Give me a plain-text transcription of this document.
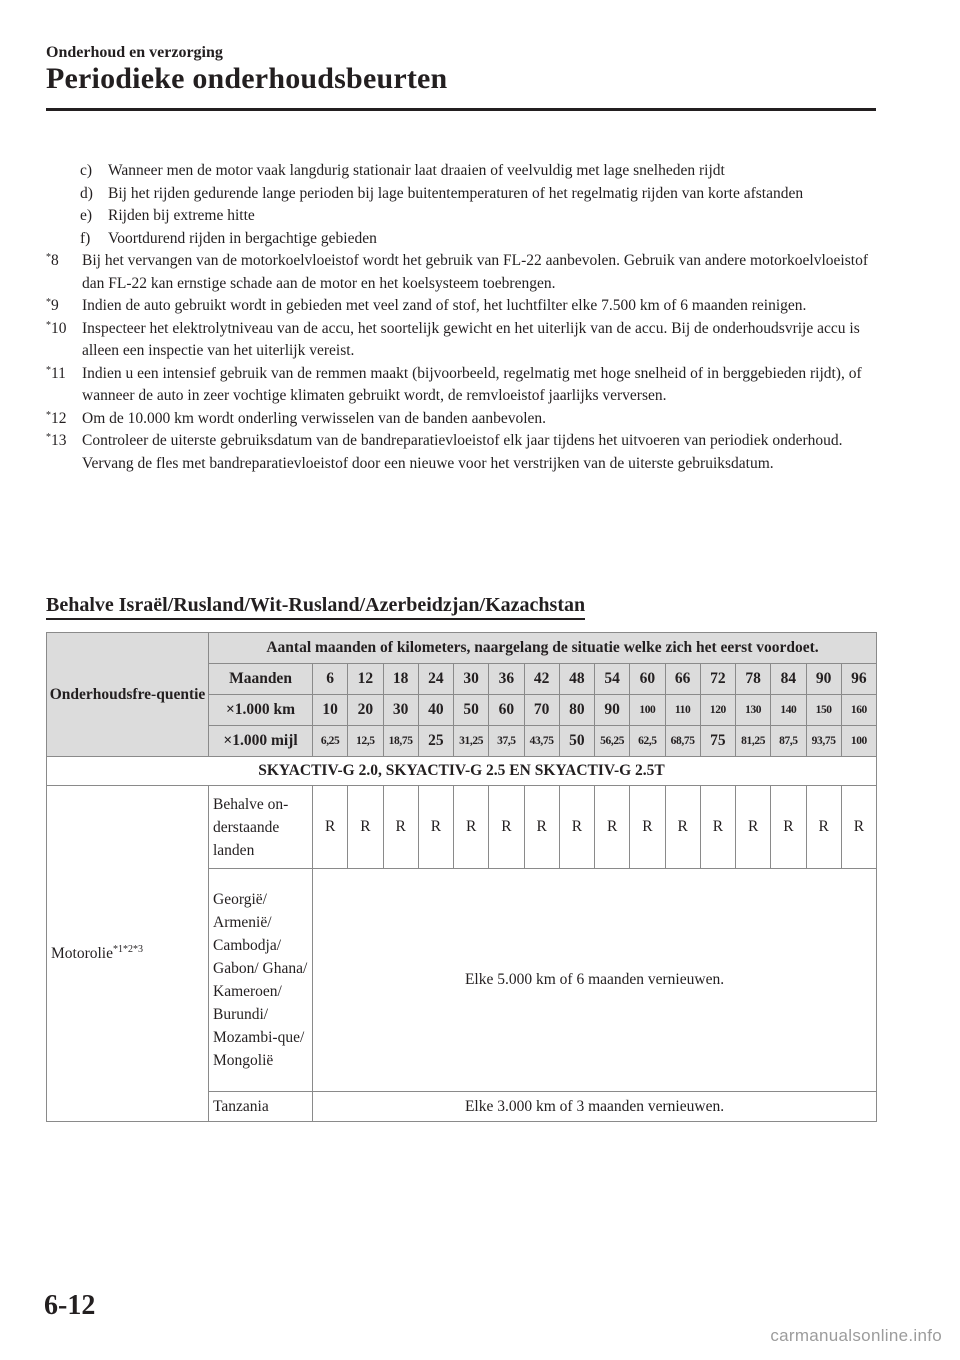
Onderhoud en verzorging
Periodieke onderhoudsbeurten

c) Wanneer men de motor vaak langdurig stationair laat draaien of veelvuldig met lage snelheden rijdt

d) Bij het rijden gedurende lange perioden bij lage buitentemperaturen of het regelmatig rijden van korte afstanden

e) Rijden bij extreme hitte

f) Voortdurend rijden in bergachtige gebieden

*8 Bij het vervangen van de motorkoelvloeistof wordt het gebruik van FL-22 aanbevolen. Gebruik van andere motorkoelvloeistof dan FL-22 kan ernstige schade aan de motor en het koelsysteem toebrengen.

*9 Indien de auto gebruikt wordt in gebieden met veel zand of stof, het luchtfilter elke 7.500 km of 6 maanden reinigen.

*10 Inspecteer het elektrolytniveau van de accu, het soortelijk gewicht en het uiterlijk van de accu. Bij de onderhoudsvrije accu is alleen een inspectie van het uiterlijk vereist.

*11 Indien u een intensief gebruik van de remmen maakt (bijvoorbeeld, regelmatig met hoge snelheid of in berggebieden rijdt), of wanneer de auto in zeer vochtige klimaten gebruikt wordt, de remvloeistof jaarlijks verversen.

*12 Om de 10.000 km wordt onderling verwisselen van de banden aanbevolen.

*13 Controleer de uiterste gebruiksdatum van de bandreparatievloeistof elk jaar tijdens het uitvoeren van periodiek onderhoud. Vervang de fles met bandreparatievloeistof door een nieuwe voor het verstrijken van de uiterste gebruiksdatum.

Behalve Israël/Rusland/Wit-Rusland/Azerbeidzjan/Kazachstan
Onderhoudsfre-quentie	Aantal maanden of kilometers, naargelang de situatie welke zich het eerst voordoet.																
	Maanden	6	12	18	24	30	36	42	48	54	60	66	72	78	84	90	96
	×1.000 km	10	20	30	40	50	60	70	80	90	100	110	120	130	140	150	160
	×1.000 mijl	6,25	12,5	18,75	25	31,25	37,5	43,75	50	56,25	62,5	68,75	75	81,25	87,5	93,75	100
SKYACTIV-G 2.0, SKYACTIV-G 2.5 EN SKYACTIV-G 2.5T																	
Motorolie$^{*1*2*3}$	Behalve on-derstaande landen	R	R	R	R	R	R	R	R	R	R	R	R	R	R	R	R
	Georgië/ Armenië/ Cambodja/ Gabon/ Ghana/ Kameroen/ Burundi/ Mozambi-que/ Mongolië	Elke 5.000 km of 6 maanden vernieuwen.															
	Tanzania	Elke 3.000 km of 3 maanden vernieuwen.															
6-12
carmanualsonline.info
